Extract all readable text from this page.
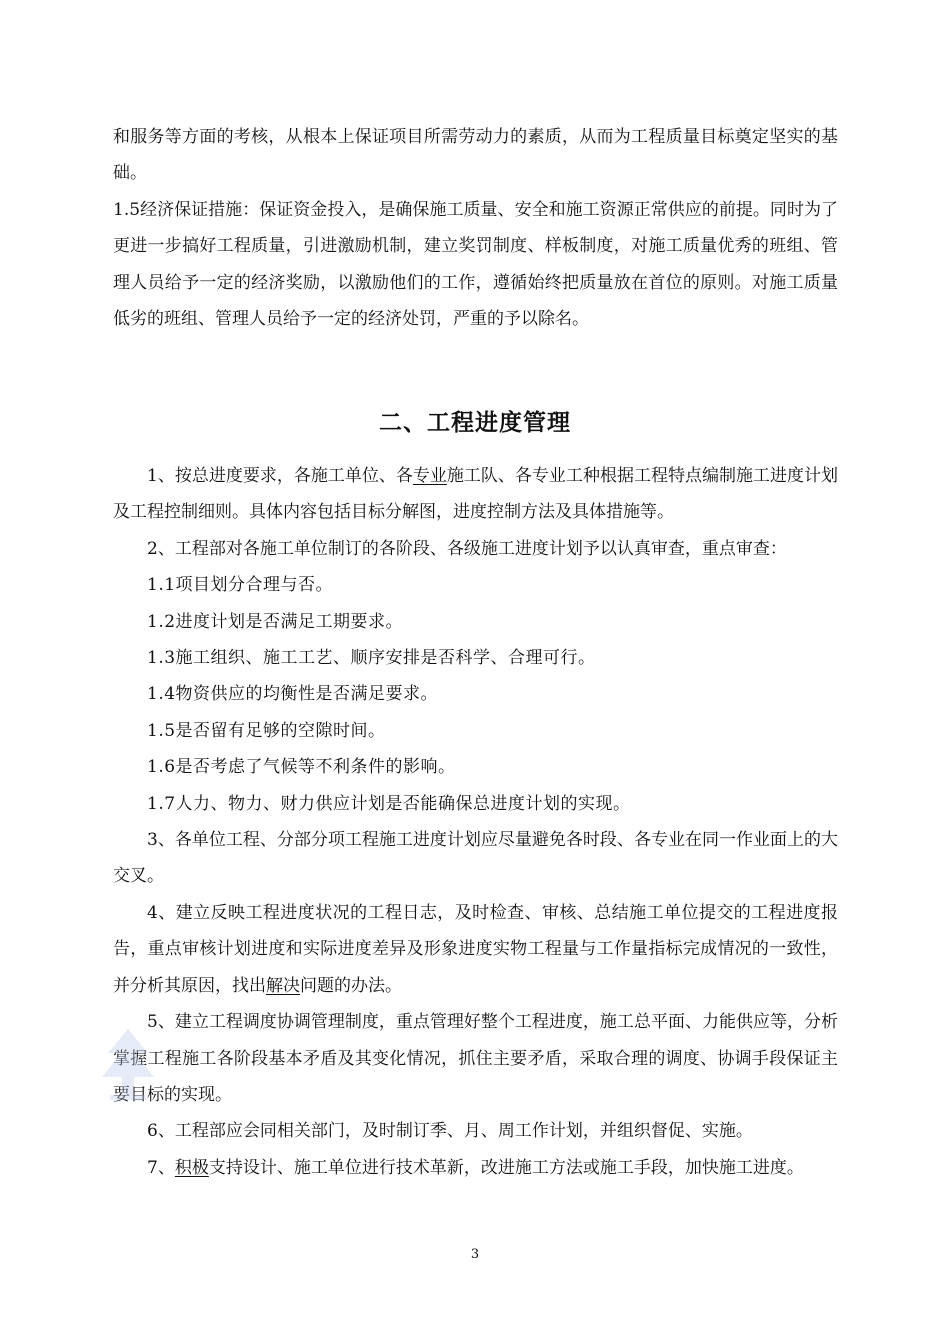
和服务等方面的考核，从根本上保证项目所需劳动力的素质，从而为工程质量目标奠定坚实的基础。

1.5经济保证措施：保证资金投入，是确保施工质量、安全和施工资源正常供应的前提。同时为了更进一步搞好工程质量，引进激励机制，建立奖罚制度、样板制度，对施工质量优秀的班组、管理人员给予一定的经济奖励，以激励他们的工作，遵循始终把质量放在首位的原则。对施工质量低劣的班组、管理人员给予一定的经济处罚，严重的予以除名。

二、工程进度管理

1、按总进度要求，各施工单位、各专业施工队、各专业工种根据工程特点编制施工进度计划及工程控制细则。具体内容包括目标分解图，进度控制方法及具体措施等。

2、工程部对各施工单位制订的各阶段、各级施工进度计划予以认真审查，重点审查：

1.1项目划分合理与否。

1.2进度计划是否满足工期要求。

1.3施工组织、施工工艺、顺序安排是否科学、合理可行。

1.4物资供应的均衡性是否满足要求。

1.5是否留有足够的空隙时间。

1.6是否考虑了气候等不利条件的影响。

1.7人力、物力、财力供应计划是否能确保总进度计划的实现。

3、各单位工程、分部分项工程施工进度计划应尽量避免各时段、各专业在同一作业面上的大交叉。

4、建立反映工程进度状况的工程日志，及时检查、审核、总结施工单位提交的工程进度报告，重点审核计划进度和实际进度差异及形象进度实物工程量与工作量指标完成情况的一致性，并分析其原因，找出解决问题的办法。

5、建立工程调度协调管理制度，重点管理好整个工程进度，施工总平面、力能供应等，分析掌握工程施工各阶段基本矛盾及其变化情况，抓住主要矛盾，采取合理的调度、协调手段保证主要目标的实现。

6、工程部应会同相关部门，及时制订季、月、周工作计划，并组织督促、实施。

7、积极支持设计、施工单位进行技术革新，改进施工方法或施工手段，加快施工进度。

3
